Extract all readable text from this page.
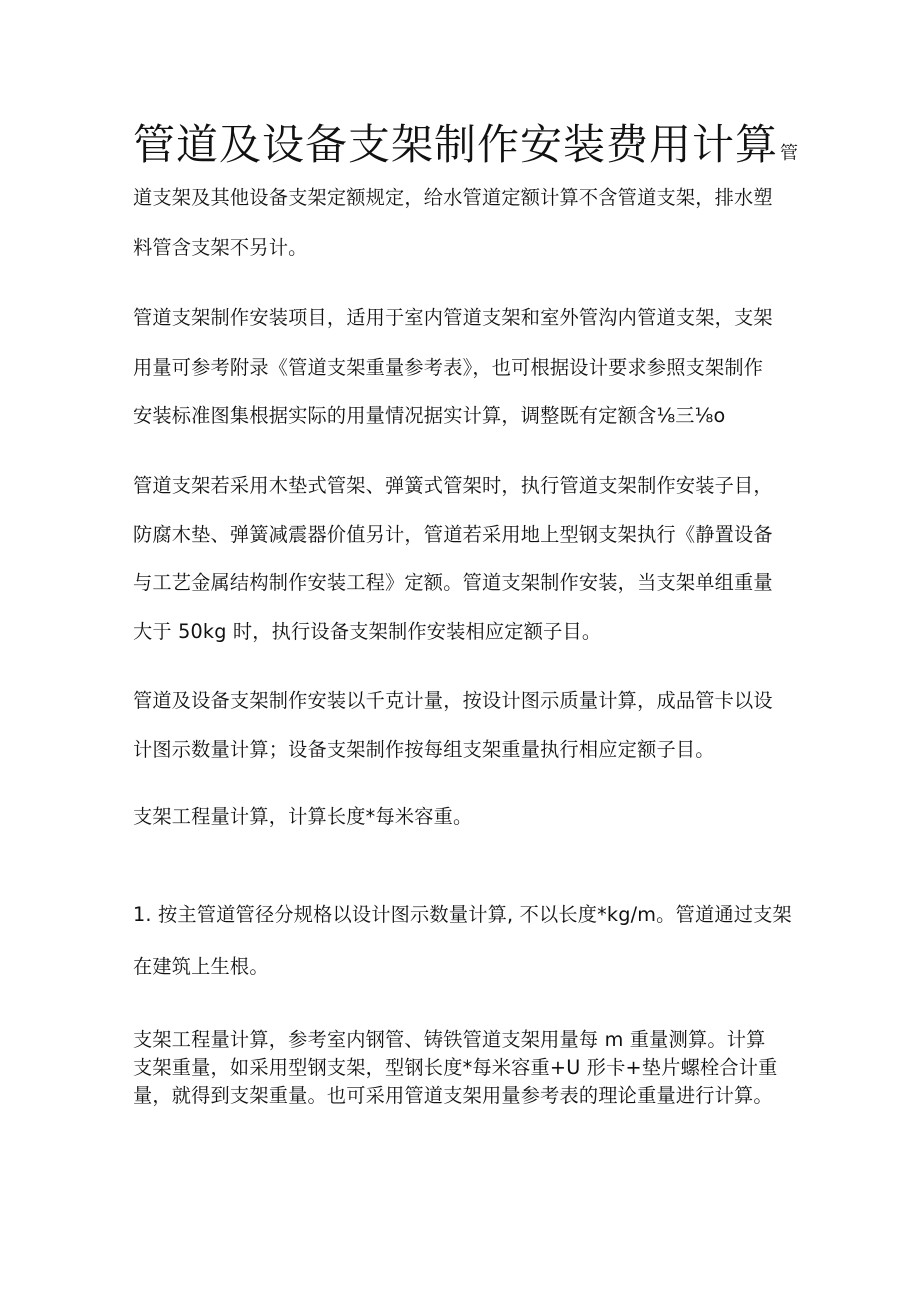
管道及设备支架制作安装费用计算 管
道支架及其他设备支架定额规定，给水管道定额计算不含管道支架，排水塑
料管含支架不另计。
管道支架制作安装项目，适用于室内管道支架和室外管沟内管道支架，支架
用量可参考附录《管道支架重量参考表》，也可根据设计要求参照支架制作
安装标准图集根据实际的用量情况据实计算，调整既有定额含⅛三⅛o
管道支架若采用木垫式管架、弹簧式管架时，执行管道支架制作安装子目，
防腐木垫、弹簧减震器价值另计，管道若采用地上型钢支架执行《静置设备
与工艺金属结构制作安装工程》定额。管道支架制作安装，当支架单组重量
大于 50kg 时，执行设备支架制作安装相应定额子目。
管道及设备支架制作安装以千克计量，按设计图示质量计算，成品管卡以设
计图示数量计算；设备支架制作按每组支架重量执行相应定额子目。
支架工程量计算，计算长度*每米容重。
1. 按主管道管径分规格以设计图示数量计算, 不以长度*kg/m。管道通过支架
在建筑上生根。
支架工程量计算，参考室内钢管、铸铁管道支架用量每 m 重量测算。计算
支架重量，如采用型钢支架，型钢长度*每米容重+U 形卡+垫片螺栓合计重
量，就得到支架重量。也可采用管道支架用量参考表的理论重量进行计算。
